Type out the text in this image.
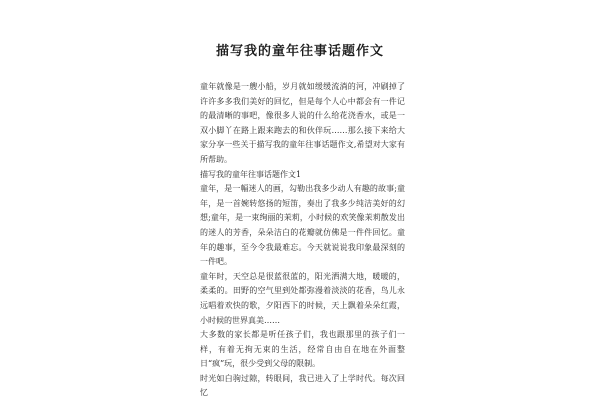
描写我的童年往事话题作文

童年就像是一艘小船，岁月就如缓缓流淌的河，冲刷掉了许许多多我们美好的回忆，但是每个人心中都会有一件记的最清晰的事吧，像很多人说的什么给花浇香水，或是一双小脚丫在路上跟来跑去的和伙伴玩……那么接下来给大家分享一些关于描写我的童年往事话题作文,希望对大家有所帮助。

描写我的童年往事话题作文1

童年，是一幅迷人的画，勾勒出我多少动人有趣的故事;童年，是一首婉转悠扬的短笛，奏出了我多少纯洁美好的幻想;童年，是一束绚丽的茉莉，小时候的欢笑像茉莉散发出的迷人的芳香，朵朵洁白的花瓣就仿佛是一件件回忆。童年的趣事，至今令我最难忘。今天就说说我印象最深刻的一件吧。

童年时，天空总是很蓝很蓝的，阳光洒满大地，暖暖的，柔柔的。田野的空气里到处都弥漫着淡淡的花香，鸟儿永远唱着欢快的歌，夕阳西下的时候，天上飘着朵朵红霞，小时候的世界真美……

大多数的家长都是听任孩子们，我也跟那里的孩子们一样，有着无拘无束的生活，经常自由自在地在外面整日“疯”玩，很少受到父母的限制。

时光如白驹过隙，转眼间，我已进入了上学时代。每次回忆
